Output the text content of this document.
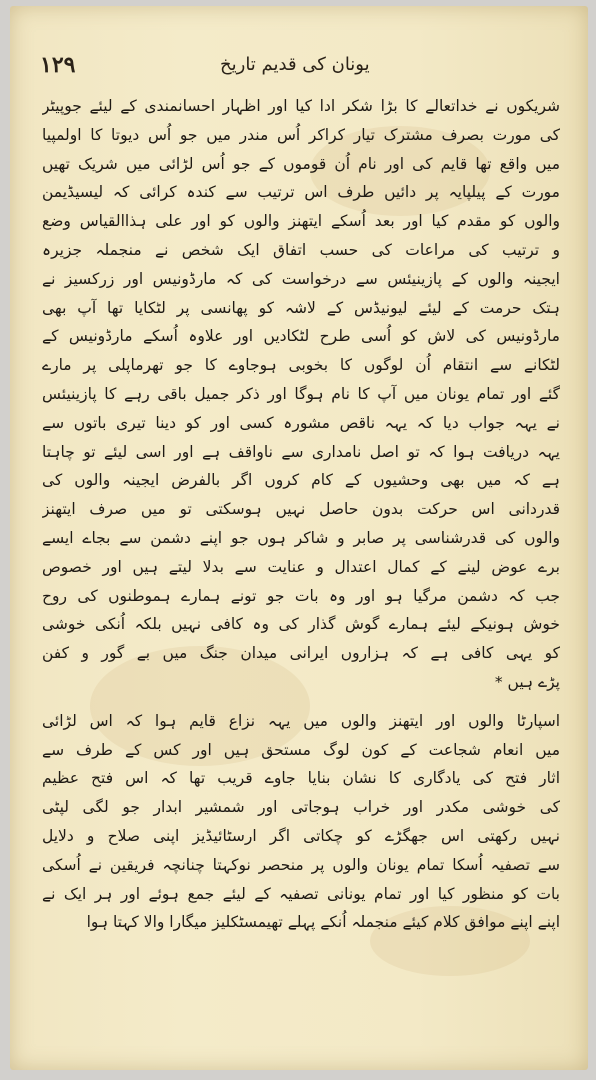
١٢٩	یونان کی قدیم تاریخ
شریکوں نے خداتعالے کا بڑا شکر ادا کیا اور اظہار احسانمندی کے لیئے جوپیٹر
کی مورت بصرف مشترک تیار کراکر اُس مندر میں جو اُس دیوتا کا اولمپیا
میں واقع تھا قایم کی اور نام اُن قوموں کے جو اُس لڑائی میں شریک تھیں
مورت کے پیلپایہ پر دائیں طرف اس ترتیب سے کندہ کرائی کہ لیسیڈیمن
والوں کو مقدم کیا اور بعد اُسکے ایتھنز والوں کو اور علی ہذاالقیاس وضع
و ترتیب کی مراعات کی حسب اتفاق ایک شخص نے منجملہ جزیرہ
ایجینہ والوں کے پازینیئس سے درخواست کی کہ مارڈونیس اور زرکسیز نے
ہتک حرمت کے لیئے لیونیڈس کے لاشہ کو پھانسی پر لٹکایا تھا آپ بھی
مارڈونیس کی لاش کو اُسی طرح لٹکادیں اور علاوہ اُسکے مارڈونیس کے
لٹکانے سے انتقام اُن لوگوں کا بخوبی ہوجاوے کا جو تھرماپلی پر مارے
گئے اور تمام یونان میں آپ کا نام ہوگا اور ذکر جمیل باقی رہے کا پازینیئس
نے یہہ جواب دیا کہ یہہ ناقص مشورہ کسی اور کو دینا تیری باتوں سے
یہہ دریافت ہوا کہ تو اصل نامداری سے ناواقف ہے اور اسی لیئے تو چاہتا
ہے کہ میں بھی وحشیوں کے کام کروں اگر بالفرض ایجینہ والوں کی
قدردانی اس حرکت بدون حاصل نہیں ہوسکتی تو میں صرف ایتھنز
والوں کی قدرشناسی پر صابر و شاکر ہوں جو اپنے دشمن سے بجاے ایسے
برے عوض لینے کے کمال اعتدال و عنایت سے بدلا لیتے ہیں اور خصوص
جب کہ دشمن مرگیا ہو اور وہ بات جو تونے ہمارے ہموطنوں کی روح
خوش ہونیکے لیئے ہمارے گوش گذار کی وہ کافی نہیں بلکہ اُنکی خوشی
کو یہی کافی ہے کہ ہزاروں ایرانی میدان جنگ میں بے گور و کفن
پڑے ہیں *
اسپارٹا والوں اور ایتھنز والوں میں یہہ نزاع قایم ہوا کہ اس لڑائی
میں انعام شجاعت کے کون لوگ مستحق ہیں اور کس کے طرف سے
اثار فتح کی یادگاری کا نشان بنایا جاوے قریب تھا کہ اس فتح عظیم
کی خوشی مکدر اور خراب ہوجاتی اور شمشیر ابدار جو لگی لپٹی
نہیں رکھتی اس جھگڑے کو چکاتی اگر ارسٹائیڈیز اپنی صلاح و دلایل
سے تصفیہ اُسکا تمام یونان والوں پر منحصر نوکہتا چنانچہ فریقین نے اُسکی
بات کو منظور کیا اور تمام یونانی تصفیہ کے لیئے جمع ہوئے اور ہر ایک نے
اپنے اپنے موافق کلام کیئے منجملہ اُنکے پہلے تھیمسٹکلیز میگارا والا کہتا ہوا
